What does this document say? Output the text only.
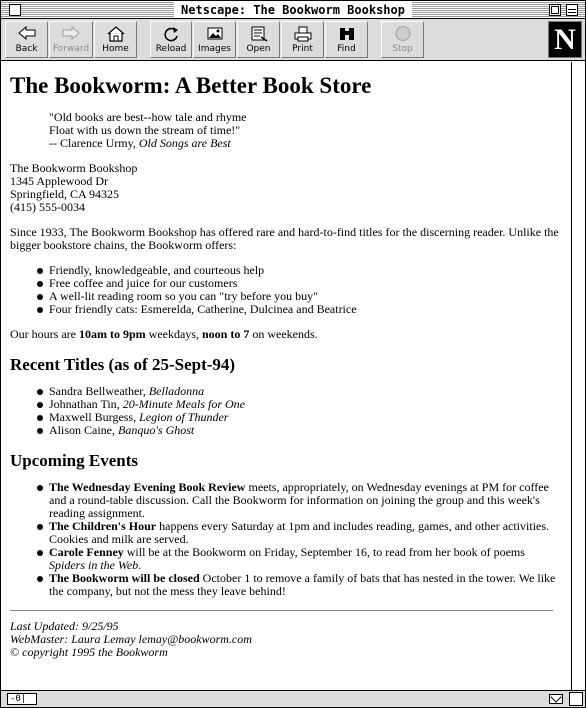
Netscape: The Bookworm Bookshop
Back Forward Home	Reload Images Open Print	Find	Stop	N
The Bookworm: A Better Book Store
"Old books are best--how tale and rhyme
Float with us down the stream of time!"
-- Clarence Urmy, Old Songs are Best

The Bookworm Bookshop
1345 Applewood Dr
Springfield, CA 94325
(415) 555-0034

Since 1933, The Bookworm Bookshop has offered rare and hard-to-find titles for the discerning reader. Unlike the bigger bookstore chains, the Bookworm offers:

Friendly, knowledgeable, and courteous help
Free coffee and juice for our customers
A well-lit reading room so you can "try before you buy"
Four friendly cats: Esmerelda, Catherine, Dulcinea and Beatrice

Our hours are 10am to 9pm weekdays, noon to 7 on weekends.

Recent Titles (as of 25-Sept-94)
Sandra Bellweather, Belladonna
Johnathan Tin, 20-Minute Meals for One
Maxwell Burgess, Legion of Thunder
Alison Caine, Banquo's Ghost
Upcoming Events
The Wednesday Evening Book Review meets, appropriately, on Wednesday evenings at PM for coffee and a round-table discussion. Call the Bookworm for information on joining the group and this week's reading assignment.
The Children's Hour happens every Saturday at 1pm and includes reading, games, and other activities. Cookies and milk are served.
Carole Fenney will be at the Bookworm on Friday, September 16, to read from her book of poems Spiders in the Web.
The Bookworm will be closed October 1 to remove a family of bats that has nested in the tower. We like the company, but not the mess they leave behind!
Last Updated: 9/25/95
WebMaster: Laura Lemay lemay@bookworm.com
© copyright 1995 the Bookworm
-0|
